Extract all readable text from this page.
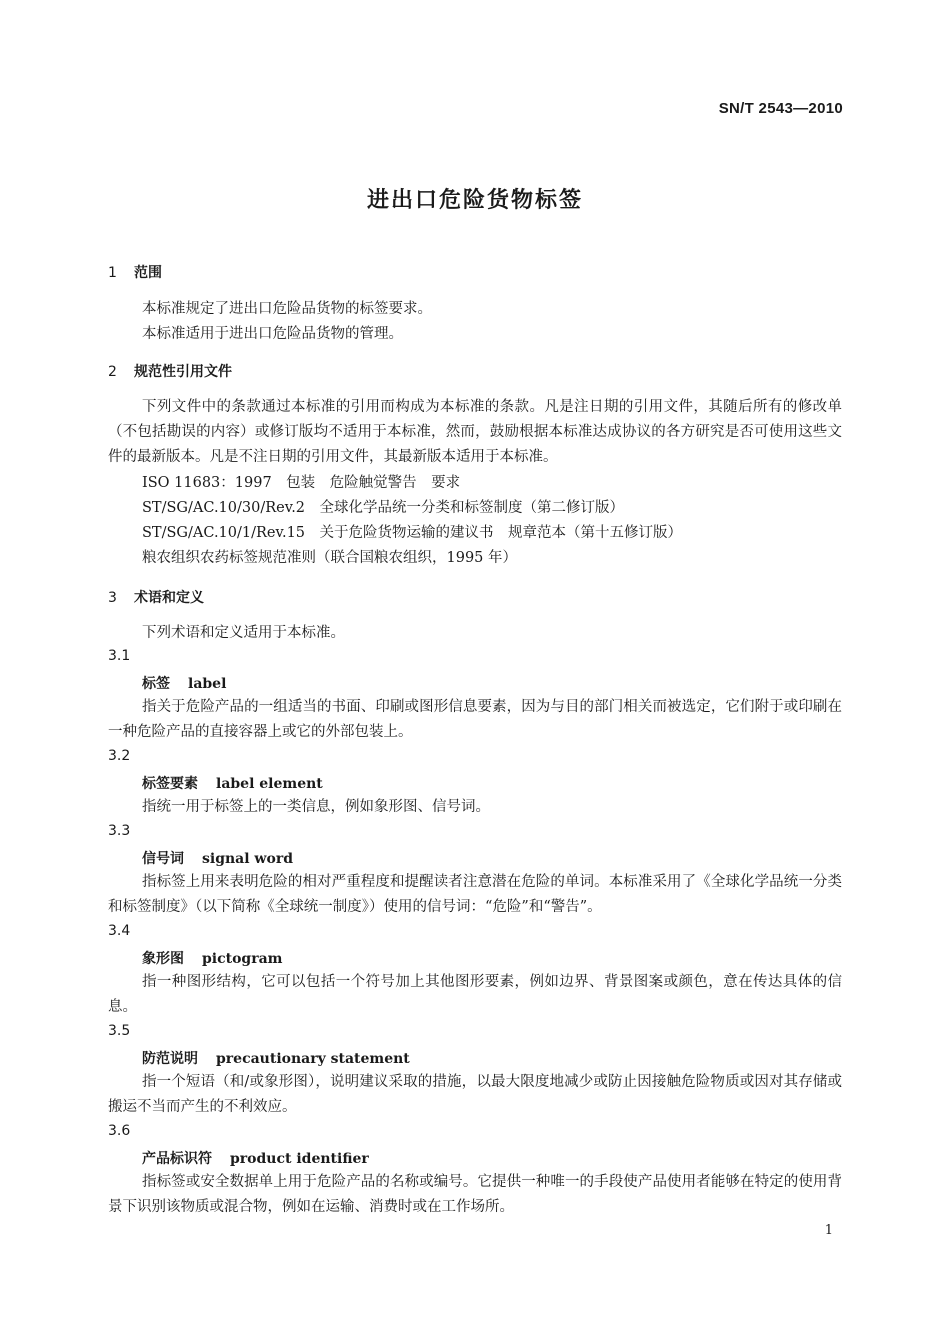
SN/T 2543—2010
进出口危险货物标签
1 范围
本标准规定了进出口危险品货物的标签要求。
本标准适用于进出口危险品货物的管理。
2 规范性引用文件
下列文件中的条款通过本标准的引用而构成为本标准的条款。凡是注日期的引用文件，其随后所有的修改单（不包括勘误的内容）或修订版均不适用于本标准，然而，鼓励根据本标准达成协议的各方研究是否可使用这些文件的最新版本。凡是不注日期的引用文件，其最新版本适用于本标准。
ISO 11683：1997　包装　危险触觉警告　要求
ST/SG/AC.10/30/Rev.2　全球化学品统一分类和标签制度（第二修订版）
ST/SG/AC.10/1/Rev.15　关于危险货物运输的建议书　规章范本（第十五修订版）
粮农组织农药标签规范准则（联合国粮农组织，1995 年）
3 术语和定义
下列术语和定义适用于本标准。
3.1
标签 label
指关于危险产品的一组适当的书面、印刷或图形信息要素，因为与目的部门相关而被选定，它们附于或印刷在一种危险产品的直接容器上或它的外部包装上。
3.2
标签要素 label element
指统一用于标签上的一类信息，例如象形图、信号词。
3.3
信号词 signal word
指标签上用来表明危险的相对严重程度和提醒读者注意潜在危险的单词。本标准采用了《全球化学品统一分类和标签制度》（以下简称《全球统一制度》）使用的信号词：“危险”和“警告”。
3.4
象形图 pictogram
指一种图形结构，它可以包括一个符号加上其他图形要素，例如边界、背景图案或颜色，意在传达具体的信息。
3.5
防范说明 precautionary statement
指一个短语（和/或象形图），说明建议采取的措施，以最大限度地减少或防止因接触危险物质或因对其存储或搬运不当而产生的不利效应。
3.6
产品标识符 product identifier
指标签或安全数据单上用于危险产品的名称或编号。它提供一种唯一的手段使产品使用者能够在特定的使用背景下识别该物质或混合物，例如在运输、消费时或在工作场所。
1
